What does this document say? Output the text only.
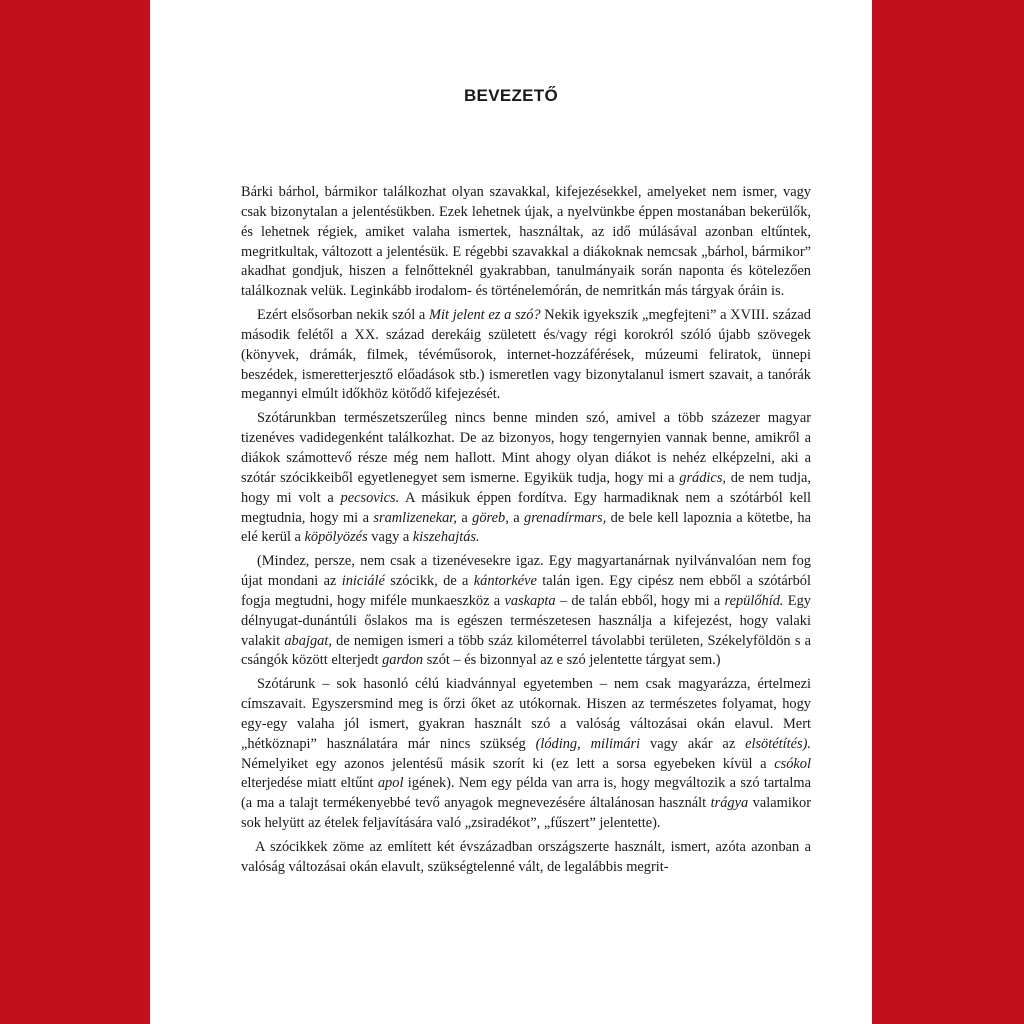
BEVEZETŐ

Bárki bárhol, bármikor találkozhat olyan szavakkal, kifejezésekkel, amelyeket nem ismer, vagy csak bizonytalan a jelentésükben. Ezek lehetnek újak, a nyelvünkbe éppen mostanában bekerülők, és lehetnek régiek, amiket valaha ismertek, használtak, az idő múlásával azonban eltűntek, megritkultak, változott a jelentésük. E régebbi szavakkal a diákoknak nemcsak „bárhol, bármikor” akadhat gondjuk, hiszen a felnőtteknél gyakrabban, tanulmányaik során naponta és kötelezően találkoznak velük. Leginkább irodalom- és történelemórán, de nemritkán más tárgyak óráin is.

Ezért elsősorban nekik szól a Mit jelent ez a szó? Nekik igyekszik „megfejteni” a XVIII. század második felétől a XX. század derekáig született és/vagy régi korokról szóló újabb szövegek (könyvek, drámák, filmek, tévéműsorok, internet-hozzáférések, múzeumi feliratok, ünnepi beszédek, ismeretterjesztő előadások stb.) ismeretlen vagy bizonytalanul ismert szavait, a tanórák megannyi elmúlt időkhöz kötődő kifejezését.

Szótárunkban természetszerűleg nincs benne minden szó, amivel a több százezer magyar tizenéves vadidegenként találkozhat. De az bizonyos, hogy tengernyien vannak benne, amikről a diákok számottevő része még nem hallott. Mint ahogy olyan diákot is nehéz elképzelni, aki a szótár szócikkeiből egyetlenegyet sem ismerne. Egyikük tudja, hogy mi a grádics, de nem tudja, hogy mi volt a pecsovics. A másikuk éppen fordítva. Egy harmadiknak nem a szótárból kell megtudnia, hogy mi a sramlizenekar, a göreb, a grenadírmars, de bele kell lapoznia a kötetbe, ha elé kerül a köpölyözés vagy a kiszehajtás.

(Mindez, persze, nem csak a tizenévesekre igaz. Egy magyartanárnak nyilvánvalóan nem fog újat mondani az iniciálé szócikk, de a kántorkéve talán igen. Egy cipész nem ebből a szótárból fogja megtudni, hogy miféle munkaeszköz a vaskapta – de talán ebből, hogy mi a repülőhíd. Egy délnyugat-dunántúli őslakos ma is egészen természetesen használja a kifejezést, hogy valaki valakit abajgat, de nemigen ismeri a több száz kilométerrel távolabbi területen, Székelyföldön s a csángók között elterjedt gardon szót – és bizonnyal az e szó jelentette tárgyat sem.)

Szótárunk – sok hasonló célú kiadvánnyal egyetemben – nem csak magyarázza, értelmezi címszavait. Egyszersmind meg is őrzi őket az utókornak. Hiszen az természetes folyamat, hogy egy-egy valaha jól ismert, gyakran használt szó a valóság változásai okán elavul. Mert „hétköznapi” használatára már nincs szükség (lóding, milimári vagy akár az elsötétítés). Némelyiket egy azonos jelentésű másik szorít ki (ez lett a sorsa egyebeken kívül a csókol elterjedése miatt eltűnt apol igének). Nem egy példa van arra is, hogy megváltozik a szó tartalma (a ma a talajt termékenyebbé tevő anyagok megnevezésére általánosan használt trágya valamikor sok helyütt az ételek feljavítására való „zsiradékot”, „fűszert” jelentette).

A szócikkek zöme az említett két évszázadban országszerte használt, ismert, azóta azonban a valóság változásai okán elavult, szükségtelenné vált, de legalábbis megrit-
